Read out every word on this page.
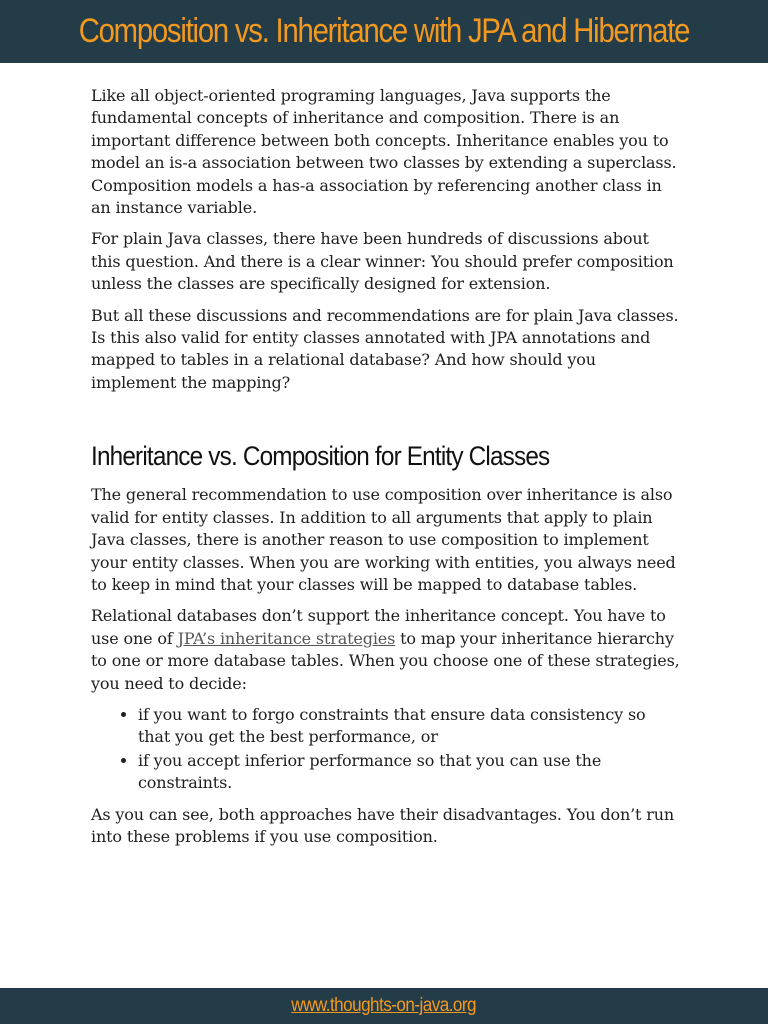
Composition vs. Inheritance with JPA and Hibernate

Like all object-oriented programing languages, Java supports the fundamental concepts of inheritance and composition. There is an important difference between both concepts. Inheritance enables you to model an is-a association between two classes by extending a superclass. Composition models a has-a association by referencing another class in an instance variable.

For plain Java classes, there have been hundreds of discussions about this question. And there is a clear winner: You should prefer composition unless the classes are specifically designed for extension.

But all these discussions and recommendations are for plain Java classes. Is this also valid for entity classes annotated with JPA annotations and mapped to tables in a relational database? And how should you implement the mapping?

Inheritance vs. Composition for Entity Classes

The general recommendation to use composition over inheritance is also valid for entity classes. In addition to all arguments that apply to plain Java classes, there is another reason to use composition to implement your entity classes. When you are working with entities, you always need to keep in mind that your classes will be mapped to database tables.

Relational databases don’t support the inheritance concept. You have to use one of JPA’s inheritance strategies to map your inheritance hierarchy to one or more database tables. When you choose one of these strategies, you need to decide:

• if you want to forgo constraints that ensure data consistency so that you get the best performance, or
• if you accept inferior performance so that you can use the constraints.

As you can see, both approaches have their disadvantages. You don’t run into these problems if you use composition.

www.thoughts-on-java.org
